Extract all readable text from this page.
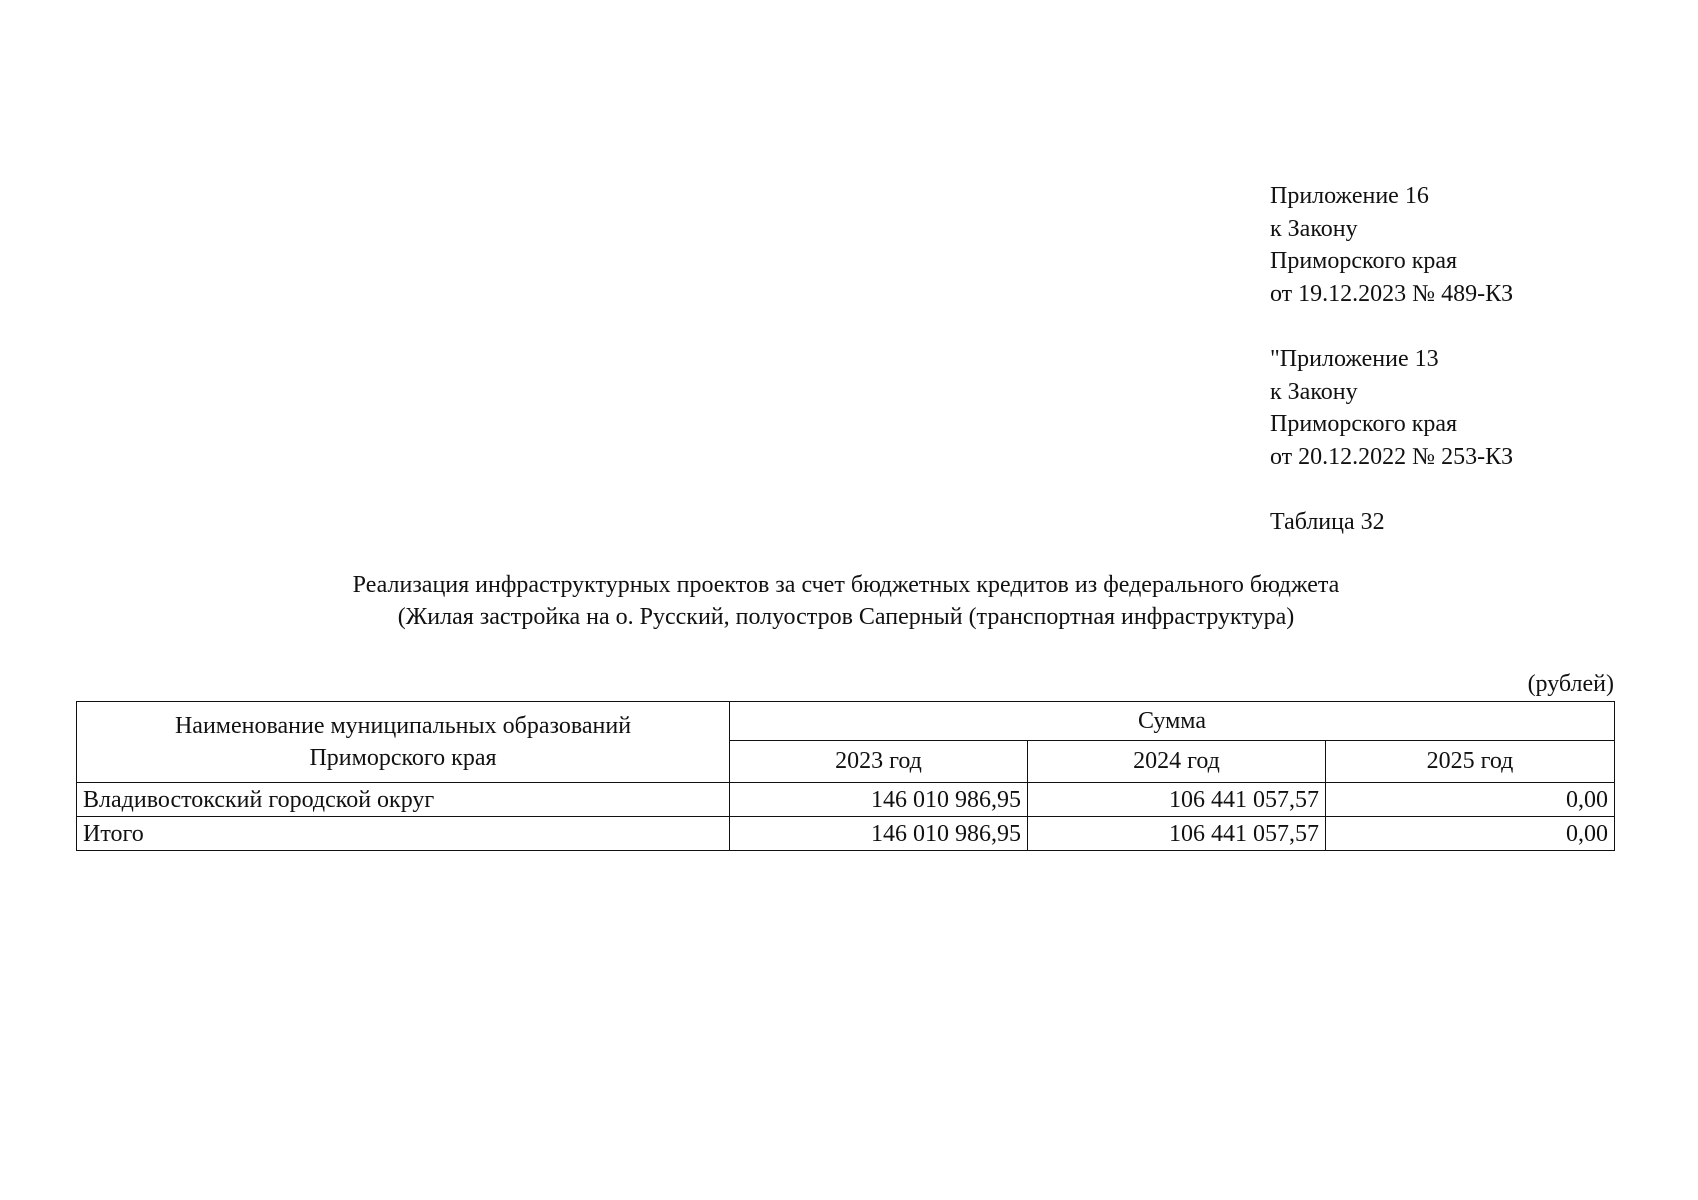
Приложение 16
к Закону
Приморского края
от 19.12.2023 № 489-КЗ
"Приложение 13
к Закону
Приморского края
от 20.12.2022 № 253-КЗ
Таблица 32
Реализация инфраструктурных проектов за счет бюджетных кредитов из федерального бюджета
(Жилая застройка на о. Русский, полуостров Саперный (транспортная инфраструктура)
(рублей)
Наименование муниципальных образований
Приморского края	Сумма		
	2023 год	2024 год	2025 год
Владивостокский городской округ	146 010 986,95	106 441 057,57	0,00
Итого	146 010 986,95	106 441 057,57	0,00
